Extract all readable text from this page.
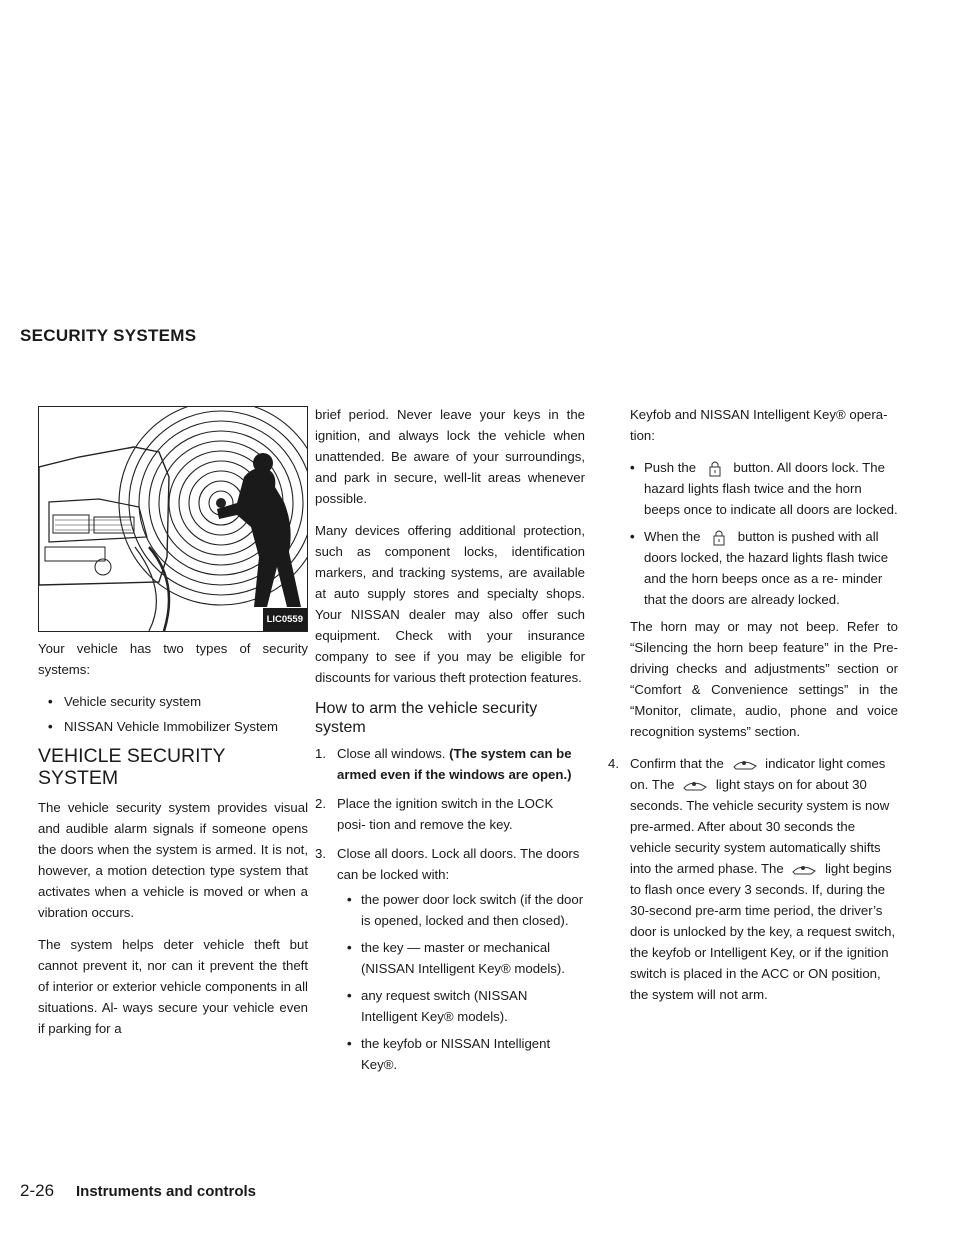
SECURITY SYSTEMS
LIC0559

Your vehicle has two types of security systems:

• Vehicle security system
• NISSAN Vehicle Immobilizer System
VEHICLE SECURITY SYSTEM

The vehicle security system provides visual and audible alarm signals if someone opens the doors when the system is armed. It is not, however, a motion detection type system that activates when a vehicle is moved or when a vibration occurs.

The system helps deter vehicle theft but cannot prevent it, nor can it prevent the theft of interior or exterior vehicle components in all situations. Al- ways secure your vehicle even if parking for a

brief period. Never leave your keys in the ignition, and always lock the vehicle when unattended. Be aware of your surroundings, and park in secure, well-lit areas whenever possible.

Many devices offering additional protection, such as component locks, identification markers, and tracking systems, are available at auto supply stores and specialty shops. Your NISSAN dealer may also offer such equipment. Check with your insurance company to see if you may be eligible for discounts for various theft protection features.

How to arm the vehicle security system
1. Close all windows. (The system can be armed even if the windows are open.)
2. Place the ignition switch in the LOCK posi- tion and remove the key.
3. Close all doors. Lock all doors. The doors can be locked with:
• the power door lock switch (if the door is opened, locked and then closed).
• the key — master or mechanical (NISSAN Intelligent Key® models).
• any request switch (NISSAN Intelligent Key® models).
• the keyfob or NISSAN Intelligent Key®.

Keyfob and NISSAN Intelligent Key® opera- tion:

• Push the	button. All doors lock. The hazard lights flash twice and the horn beeps once to indicate all doors are locked.
• When the	button is pushed with all doors locked, the hazard lights flash twice and the horn beeps once as a re- minder that the doors are already locked.

The horn may or may not beep. Refer to “Silencing the horn beep feature” in the Pre- driving checks and adjustments” section or “Comfort & Convenience settings” in the “Monitor, climate, audio, phone and voice recognition systems” section.

4. Confirm that the	indicator light comes on. The	light stays on for about 30 seconds. The vehicle security system is now pre-armed. After about 30 seconds the vehicle security system automatically shifts into the armed phase. The	light begins to flash once every 3 seconds. If, during the 30-second pre-arm time period, the driver’s door is unlocked by the key, a request switch, the keyfob or Intelligent Key, or if the ignition switch is placed in the ACC or ON position, the system will not arm.
2-26 Instruments and controls
